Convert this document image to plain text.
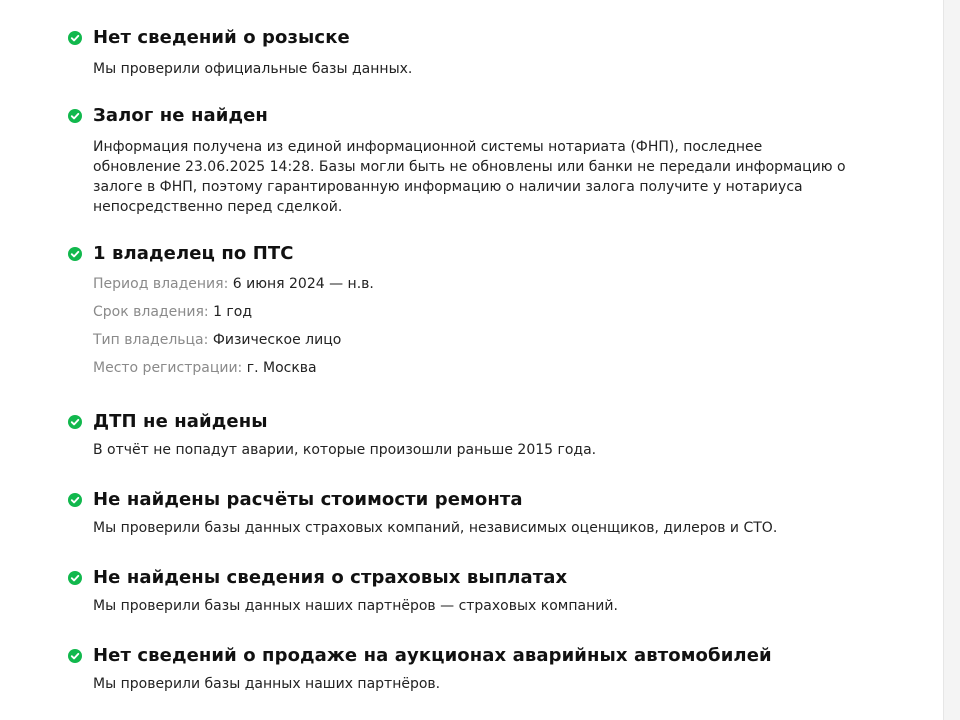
Нет сведений о розыске

Мы проверили официальные базы данных.

Залог не найден

Информация получена из единой информационной системы нотариата (ФНП), последнее обновление 23.06.2025 14:28. Базы могли быть не обновлены или банки не передали информацию о залоге в ФНП, поэтому гарантированную информацию о наличии залога получите у нотариуса непосредственно перед сделкой.

1 владелец по ПТС
Период владения: 6 июня 2024 — н.в.
Срок владения: 1 год
Тип владельца: Физическое лицо
Место регистрации: г. Москва
ДТП не найдены

В отчёт не попадут аварии, которые произошли раньше 2015 года.

Не найдены расчёты стоимости ремонта

Мы проверили базы данных страховых компаний, независимых оценщиков, дилеров и СТО.

Не найдены сведения о страховых выплатах

Мы проверили базы данных наших партнёров — страховых компаний.

Нет сведений о продаже на аукционах аварийных автомобилей

Мы проверили базы данных наших партнёров.
